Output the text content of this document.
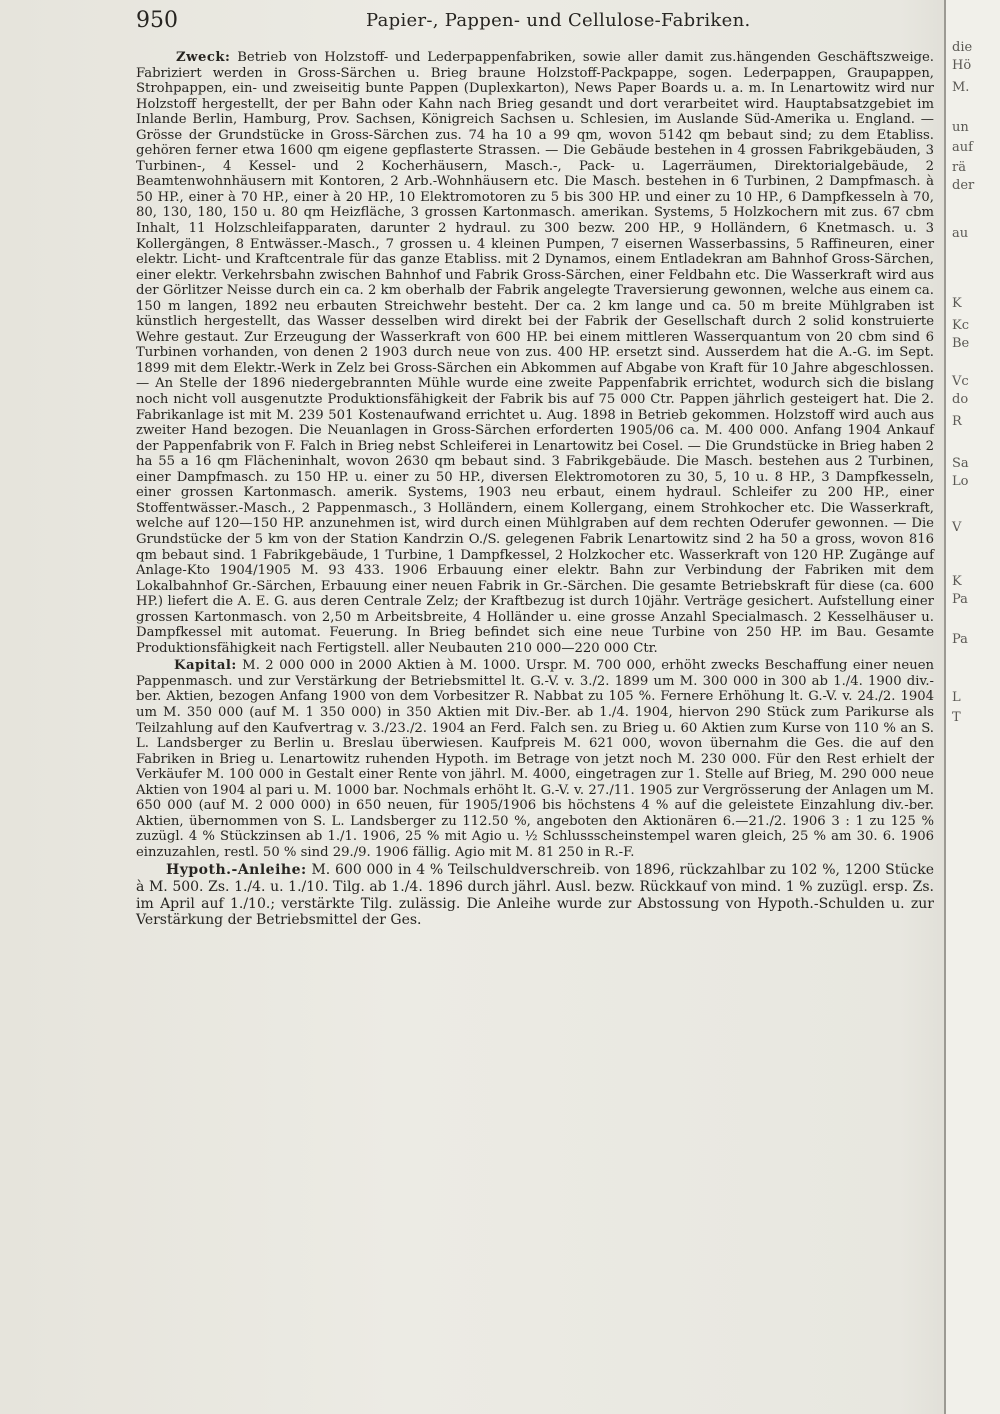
950	Papier-, Pappen- und Cellulose-Fabriken.

Zweck: Betrieb von Holzstoff- und Lederpappenfabriken, sowie aller damit zus.hängenden Geschäftszweige. Fabriziert werden in Gross-Särchen u. Brieg braune Holzstoff-Packpappe, sogen. Lederpappen, Graupappen, Strohpappen, ein- und zweiseitig bunte Pappen (Duplexkarton), News Paper Boards u. a. m. In Lenartowitz wird nur Holzstoff hergestellt, der per Bahn oder Kahn nach Brieg gesandt und dort verarbeitet wird. Hauptabsatzgebiet im Inlande Berlin, Hamburg, Prov. Sachsen, Königreich Sachsen u. Schlesien, im Auslande Süd-Amerika u. England. — Grösse der Grundstücke in Gross-Särchen zus. 74 ha 10 a 99 qm, wovon 5142 qm bebaut sind; zu dem Etabliss. gehören ferner etwa 1600 qm eigene gepflasterte Strassen. — Die Gebäude bestehen in 4 grossen Fabrikgebäuden, 3 Turbinen-, 4 Kessel- und 2 Kocherhäusern, Masch.-, Pack- u. Lagerräumen, Direktorialgebäude, 2 Beamtenwohnhäusern mit Kontoren, 2 Arb.-Wohnhäusern etc. Die Masch. bestehen in 6 Turbinen, 2 Dampfmasch. à 50 HP., einer à 70 HP., einer à 20 HP., 10 Elektromotoren zu 5 bis 300 HP. und einer zu 10 HP., 6 Dampfkesseln à 70, 80, 130, 180, 150 u. 80 qm Heizfläche, 3 grossen Kartonmasch. amerikan. Systems, 5 Holzkochern mit zus. 67 cbm Inhalt, 11 Holzschleifapparaten, darunter 2 hydraul. zu 300 bezw. 200 HP., 9 Holländern, 6 Knetmasch. u. 3 Kollergängen, 8 Entwässer.-Masch., 7 grossen u. 4 kleinen Pumpen, 7 eisernen Wasserbassins, 5 Raffineuren, einer elektr. Licht- und Kraftcentrale für das ganze Etabliss. mit 2 Dynamos, einem Entladekran am Bahnhof Gross-Särchen, einer elektr. Verkehrsbahn zwischen Bahnhof und Fabrik Gross-Särchen, einer Feldbahn etc. Die Wasserkraft wird aus der Görlitzer Neisse durch ein ca. 2 km oberhalb der Fabrik angelegte Traversierung gewonnen, welche aus einem ca. 150 m langen, 1892 neu erbauten Streichwehr besteht. Der ca. 2 km lange und ca. 50 m breite Mühlgraben ist künstlich hergestellt, das Wasser desselben wird direkt bei der Fabrik der Gesellschaft durch 2 solid konstruierte Wehre gestaut. Zur Erzeugung der Wasserkraft von 600 HP. bei einem mittleren Wasserquantum von 20 cbm sind 6 Turbinen vorhanden, von denen 2 1903 durch neue von zus. 400 HP. ersetzt sind. Ausserdem hat die A.-G. im Sept. 1899 mit dem Elektr.-Werk in Zelz bei Gross-Särchen ein Abkommen auf Abgabe von Kraft für 10 Jahre abgeschlossen. — An Stelle der 1896 niedergebrannten Mühle wurde eine zweite Pappenfabrik errichtet, wodurch sich die bislang noch nicht voll ausgenutzte Produktionsfähigkeit der Fabrik bis auf 75 000 Ctr. Pappen jährlich gesteigert hat. Die 2. Fabrikanlage ist mit M. 239 501 Kostenaufwand errichtet u. Aug. 1898 in Betrieb gekommen. Holzstoff wird auch aus zweiter Hand bezogen. Die Neuanlagen in Gross-Särchen erforderten 1905/06 ca. M. 400 000. Anfang 1904 Ankauf der Pappenfabrik von F. Falch in Brieg nebst Schleiferei in Lenartowitz bei Cosel. — Die Grundstücke in Brieg haben 2 ha 55 a 16 qm Flächeninhalt, wovon 2630 qm bebaut sind. 3 Fabrikgebäude. Die Masch. bestehen aus 2 Turbinen, einer Dampfmasch. zu 150 HP. u. einer zu 50 HP., diversen Elektromotoren zu 30, 5, 10 u. 8 HP., 3 Dampfkesseln, einer grossen Kartonmasch. amerik. Systems, 1903 neu erbaut, einem hydraul. Schleifer zu 200 HP., einer Stoffentwässer.-Masch., 2 Pappenmasch., 3 Holländern, einem Kollergang, einem Strohkocher etc. Die Wasserkraft, welche auf 120—150 HP. anzunehmen ist, wird durch einen Mühlgraben auf dem rechten Oderufer gewonnen. — Die Grundstücke der 5 km von der Station Kandrzin O./S. gelegenen Fabrik Lenartowitz sind 2 ha 50 a gross, wovon 816 qm bebaut sind. 1 Fabrikgebäude, 1 Turbine, 1 Dampfkessel, 2 Holzkocher etc. Wasserkraft von 120 HP. Zugänge auf Anlage-Kto 1904/1905 M. 93 433. 1906 Erbauung einer elektr. Bahn zur Verbindung der Fabriken mit dem Lokalbahnhof Gr.-Särchen, Erbauung einer neuen Fabrik in Gr.-Särchen. Die gesamte Betriebskraft für diese (ca. 600 HP.) liefert die A. E. G. aus deren Centrale Zelz; der Kraftbezug ist durch 10jähr. Verträge gesichert. Aufstellung einer grossen Kartonmasch. von 2,50 m Arbeitsbreite, 4 Holländer u. eine grosse Anzahl Specialmasch. 2 Kesselhäuser u. Dampfkessel mit automat. Feuerung. In Brieg befindet sich eine neue Turbine von 250 HP. im Bau. Gesamte Produktionsfähigkeit nach Fertigstell. aller Neubauten 210 000—220 000 Ctr.

Kapital: M. 2 000 000 in 2000 Aktien à M. 1000. Urspr. M. 700 000, erhöht zwecks Beschaffung einer neuen Pappenmasch. und zur Verstärkung der Betriebsmittel lt. G.-V. v. 3./2. 1899 um M. 300 000 in 300 ab 1./4. 1900 div.-ber. Aktien, bezogen Anfang 1900 von dem Vorbesitzer R. Nabbat zu 105 %. Fernere Erhöhung lt. G.-V. v. 24./2. 1904 um M. 350 000 (auf M. 1 350 000) in 350 Aktien mit Div.-Ber. ab 1./4. 1904, hiervon 290 Stück zum Parikurse als Teilzahlung auf den Kaufvertrag v. 3./23./2. 1904 an Ferd. Falch sen. zu Brieg u. 60 Aktien zum Kurse von 110 % an S. L. Landsberger zu Berlin u. Breslau überwiesen. Kaufpreis M. 621 000, wovon übernahm die Ges. die auf den Fabriken in Brieg u. Lenartowitz ruhenden Hypoth. im Betrage von jetzt noch M. 230 000. Für den Rest erhielt der Verkäufer M. 100 000 in Gestalt einer Rente von jährl. M. 4000, eingetragen zur 1. Stelle auf Brieg, M. 290 000 neue Aktien von 1904 al pari u. M. 1000 bar. Nochmals erhöht lt. G.-V. v. 27./11. 1905 zur Vergrösserung der Anlagen um M. 650 000 (auf M. 2 000 000) in 650 neuen, für 1905/1906 bis höchstens 4 % auf die geleistete Einzahlung div.-ber. Aktien, übernommen von S. L. Landsberger zu 112.50 %, angeboten den Aktionären 6.—21./2. 1906 3 : 1 zu 125 % zuzügl. 4 % Stückzinsen ab 1./1. 1906, 25 % mit Agio u. ½ Schlussscheinstempel waren gleich, 25 % am 30. 6. 1906 einzuzahlen, restl. 50 % sind 29./9. 1906 fällig. Agio mit M. 81 250 in R.-F.

Hypoth.-Anleihe: M. 600 000 in 4 % Teilschuldverschreib. von 1896, rückzahlbar zu 102 %, 1200 Stücke à M. 500. Zs. 1./4. u. 1./10. Tilg. ab 1./4. 1896 durch jährl. Ausl. bezw. Rückkauf von mind. 1 % zuzügl. ersp. Zs. im April auf 1./10.; verstärkte Tilg. zulässig. Die Anleihe wurde zur Abstossung von Hypoth.-Schulden u. zur Verstärkung der Betriebsmittel der Ges.

die
Hö
M.
un
auf
rä
der
au
K
Kc
Be
Vc
do
R
Sa
Lo
V
K
Pa
Pa
L
T
